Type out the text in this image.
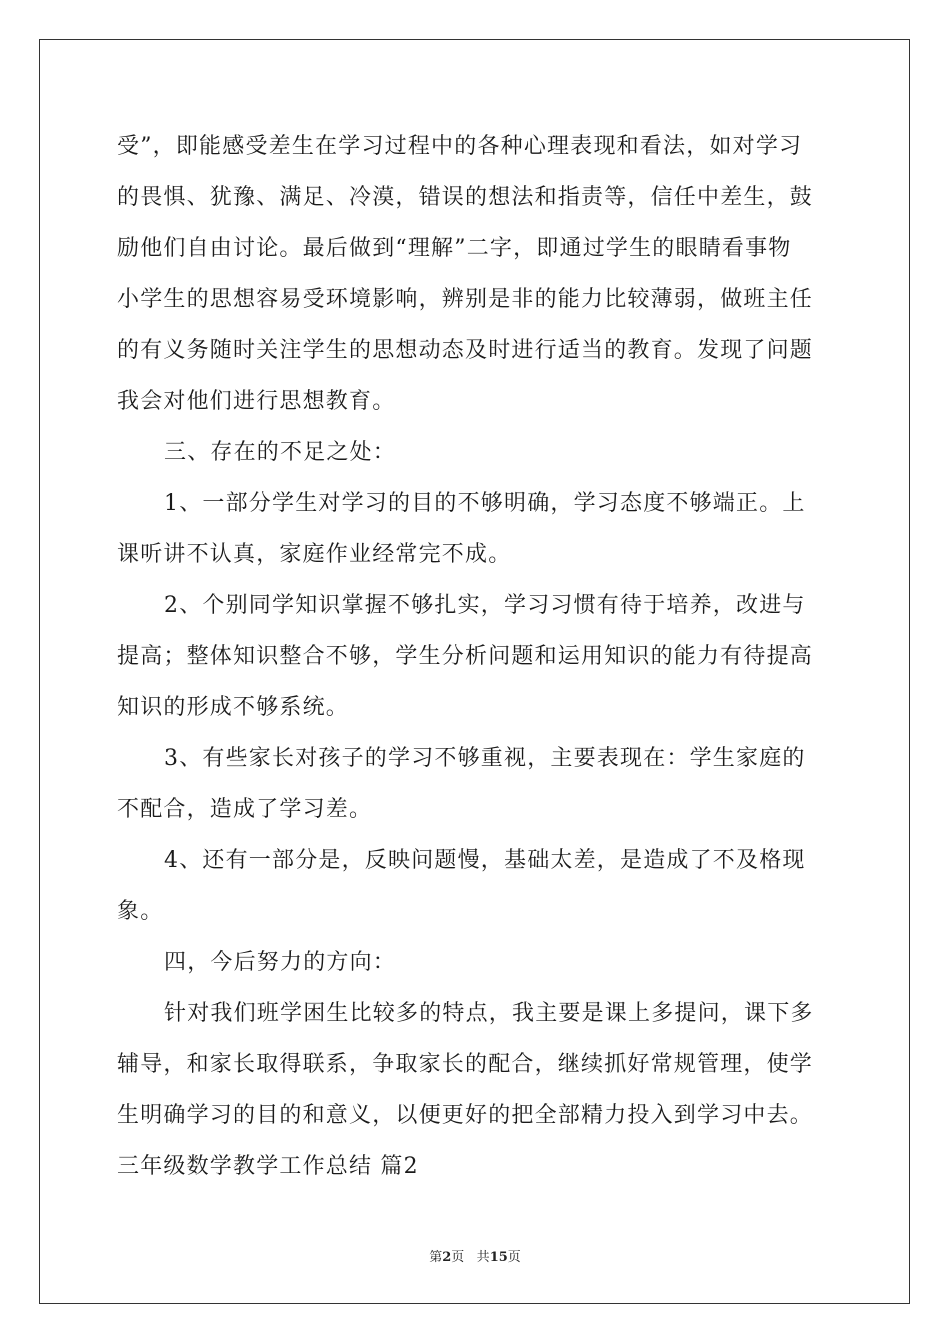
受”，即能感受差生在学习过程中的各种心理表现和看法，如对学习
的畏惧、犹豫、满足、冷漠，错误的想法和指责等，信任中差生，鼓
励他们自由讨论。最后做到“理解”二字，即通过学生的眼睛看事物
小学生的思想容易受环境影响，辨别是非的能力比较薄弱，做班主任
的有义务随时关注学生的思想动态及时进行适当的教育。发现了问题
我会对他们进行思想教育。
三、存在的不足之处：
1、一部分学生对学习的目的不够明确，学习态度不够端正。上
课听讲不认真，家庭作业经常完不成。
2、个别同学知识掌握不够扎实，学习习惯有待于培养，改进与
提高；整体知识整合不够，学生分析问题和运用知识的能力有待提高
知识的形成不够系统。
3、有些家长对孩子的学习不够重视，主要表现在：学生家庭的
不配合，造成了学习差。
4、还有一部分是，反映问题慢，基础太差，是造成了不及格现
象。
四，今后努力的方向：
针对我们班学困生比较多的特点，我主要是课上多提问，课下多
辅导，和家长取得联系，争取家长的配合，继续抓好常规管理，使学
生明确学习的目的和意义，以便更好的把全部精力投入到学习中去。
三年级数学教学工作总结 篇2
第2页 共15页
